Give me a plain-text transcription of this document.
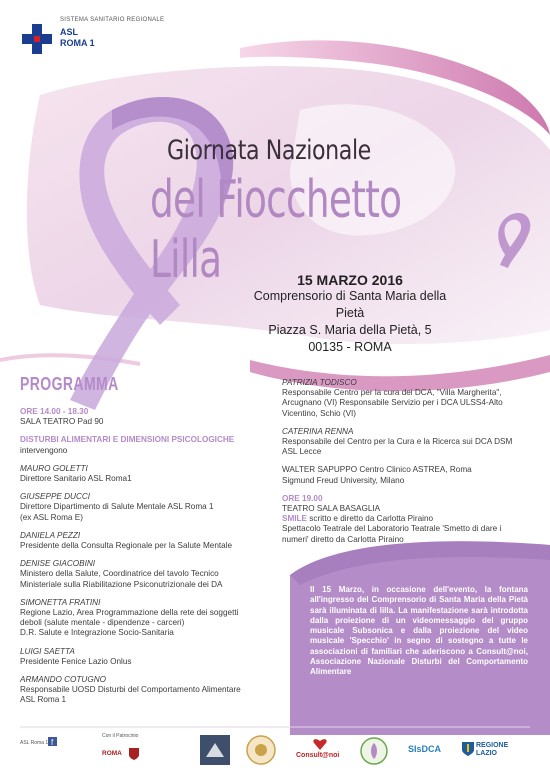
SISTEMA SANITARIO REGIONALE
ASL
ROMA 1
Giornata Nazionale
del Fiocchetto Lilla	15 MARZO 2016
Comprensorio di Santa Maria della Pietà
Piazza S. Maria della Pietà, 5
00135 - ROMA
PROGRAMMA
ORE 14.00 - 18.30
SALA TEATRO Pad 90
DISTURBI ALIMENTARI E DIMENSIONI PSICOLOGICHE
intervengono
MAURO GOLETTI
Direttore Sanitario ASL Roma1
GIUSEPPE DUCCI
Direttore Dipartimento di Salute Mentale ASL Roma 1
(ex ASL Roma E)
DANIELA PEZZI
Presidente della Consulta Regionale per la Salute Mentale
DENISE GIACOBINI
Ministero della Salute, Coordinatrice del tavolo Tecnico
Ministeriale sulla Riabilitazione Psiconutrizionale dei DA
SIMONETTA FRATINI
Regione Lazio, Area Programmazione della rete dei soggetti
deboli (salute mentale - dipendenze - carceri)
D.R. Salute e Integrazione Socio-Sanitaria
LUIGI SAETTA
Presidente Fenice Lazio Onlus
ARMANDO COTUGNO
Responsabile UOSD Disturbi del Comportamento Alimentare
ASL Roma 1
PATRIZIA TODISCO
Responsabile Centro per la cura dei DCA, "Villa Margherita",
Arcugnano (VI) Responsabile Servizio per i DCA ULSS4-Alto
Vicentino, Schio (VI)
CATERINA RENNA
Responsabile del Centro per la Cura e la Ricerca sui DCA DSM
ASL Lecce
WALTER SAPUPPO Centro Clinico ASTREA, Roma
Sigmund Freud University, Milano
ORE 19.00
TEATRO SALA BASAGLIA
SMILE scritto e diretto da Carlotta Piraino
Spettacolo Teatrale del Laboratorio Teatrale 'Smetto di dare i
numeri' diretto da Carlotta Piraino
Il 15 Marzo, in occasione dell'evento, la fontana all'ingresso del Comprensorio di Santa Maria della Pietà sarà illuminata di lilla. La manifestazione sarà introdotta dalla proiezione di un videomessaggio del gruppo musicale Subsonica e dalla proiezione del video musicale 'Specchio' in segno di sostegno a tutte le associazioni di familiari che aderiscono a Consult@noi, Associazione Nazionale Disturbi del Comportamento Alimentare
ASL Roma 1 f
Con il Patrocinio
ROMA	Consult@noi
SIsDCA	REGIONE
LAZIO
